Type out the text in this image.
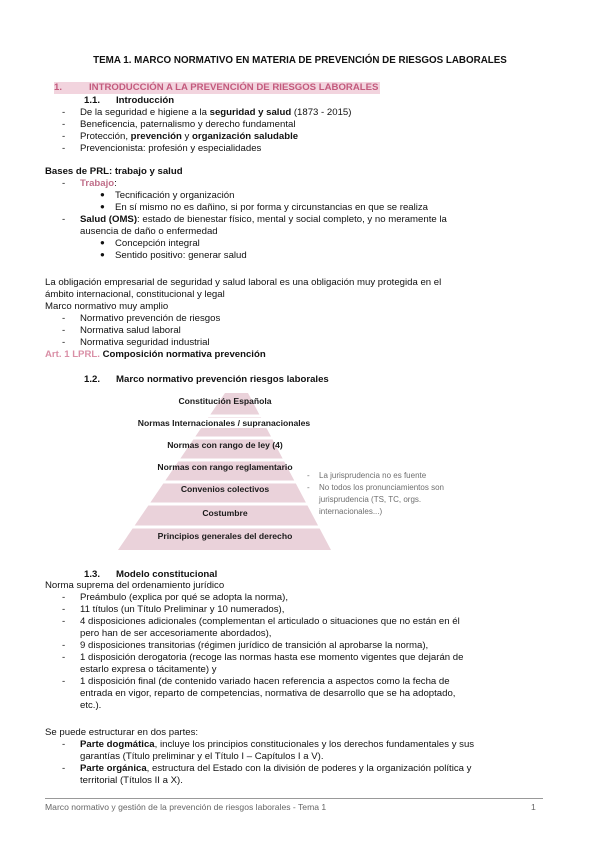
TEMA 1. MARCO NORMATIVO EN MATERIA DE PREVENCIÓN DE RIESGOS LABORALES
1.	INTRODUCCIÓN A LA PREVENCIÓN DE RIESGOS LABORALES
1.1. Introducción
- De la seguridad e higiene a la seguridad y salud (1873 - 2015)
- Beneficencia, paternalismo y derecho fundamental
- Protección, prevención y organización saludable
- Prevencionista: profesión y especialidades
Bases de PRL: trabajo y salud
- Trabajo:
● Tecnificación y organización
● En sí mismo no es dañino, si por forma y circunstancias en que se realiza
- Salud (OMS): estado de bienestar físico, mental y social completo, y no meramente la
ausencia de daño o enfermedad
● Concepción integral
● Sentido positivo: generar salud
La obligación empresarial de seguridad y salud laboral es una obligación muy protegida en el
ámbito internacional, constitucional y legal
Marco normativo muy amplio
- Normativo prevención de riesgos
- Normativa salud laboral
- Normativa seguridad industrial
Art. 1 LPRL. Composición normativa prevención
1.2. Marco normativo prevención riesgos laborales
Constitución Española
Normas Internacionales / supranacionales
Normas con rango de ley (4)
Normas con rango reglamentario
Convenios colectivos
Costumbre
Principios generales del derecho
- La jurisprudencia no es fuente
- No todos los pronunciamientos son
jurisprudencia (TS, TC, orgs.
internacionales...)
1.3. Modelo constitucional
Norma suprema del ordenamiento jurídico
- Preámbulo (explica por qué se adopta la norma),
- 11 títulos (un Título Preliminar y 10 numerados),
- 4 disposiciones adicionales (complementan el articulado o situaciones que no están en él
pero han de ser accesoriamente abordados),
- 9 disposiciones transitorias (régimen jurídico de transición al aprobarse la norma),
- 1 disposición derogatoria (recoge las normas hasta ese momento vigentes que dejarán de
estarlo expresa o tácitamente) y
- 1 disposición final (de contenido variado hacen referencia a aspectos como la fecha de
entrada en vigor, reparto de competencias, normativa de desarrollo que se ha adoptado,
etc.).
Se puede estructurar en dos partes:
- Parte dogmática, incluye los principios constitucionales y los derechos fundamentales y sus
garantías (Título preliminar y el Título I – Capítulos I a V).
- Parte orgánica, estructura del Estado con la división de poderes y la organización política y
territorial (Títulos II a X).
Marco normativo y gestión de la prevención de riesgos laborales - Tema 1	1
